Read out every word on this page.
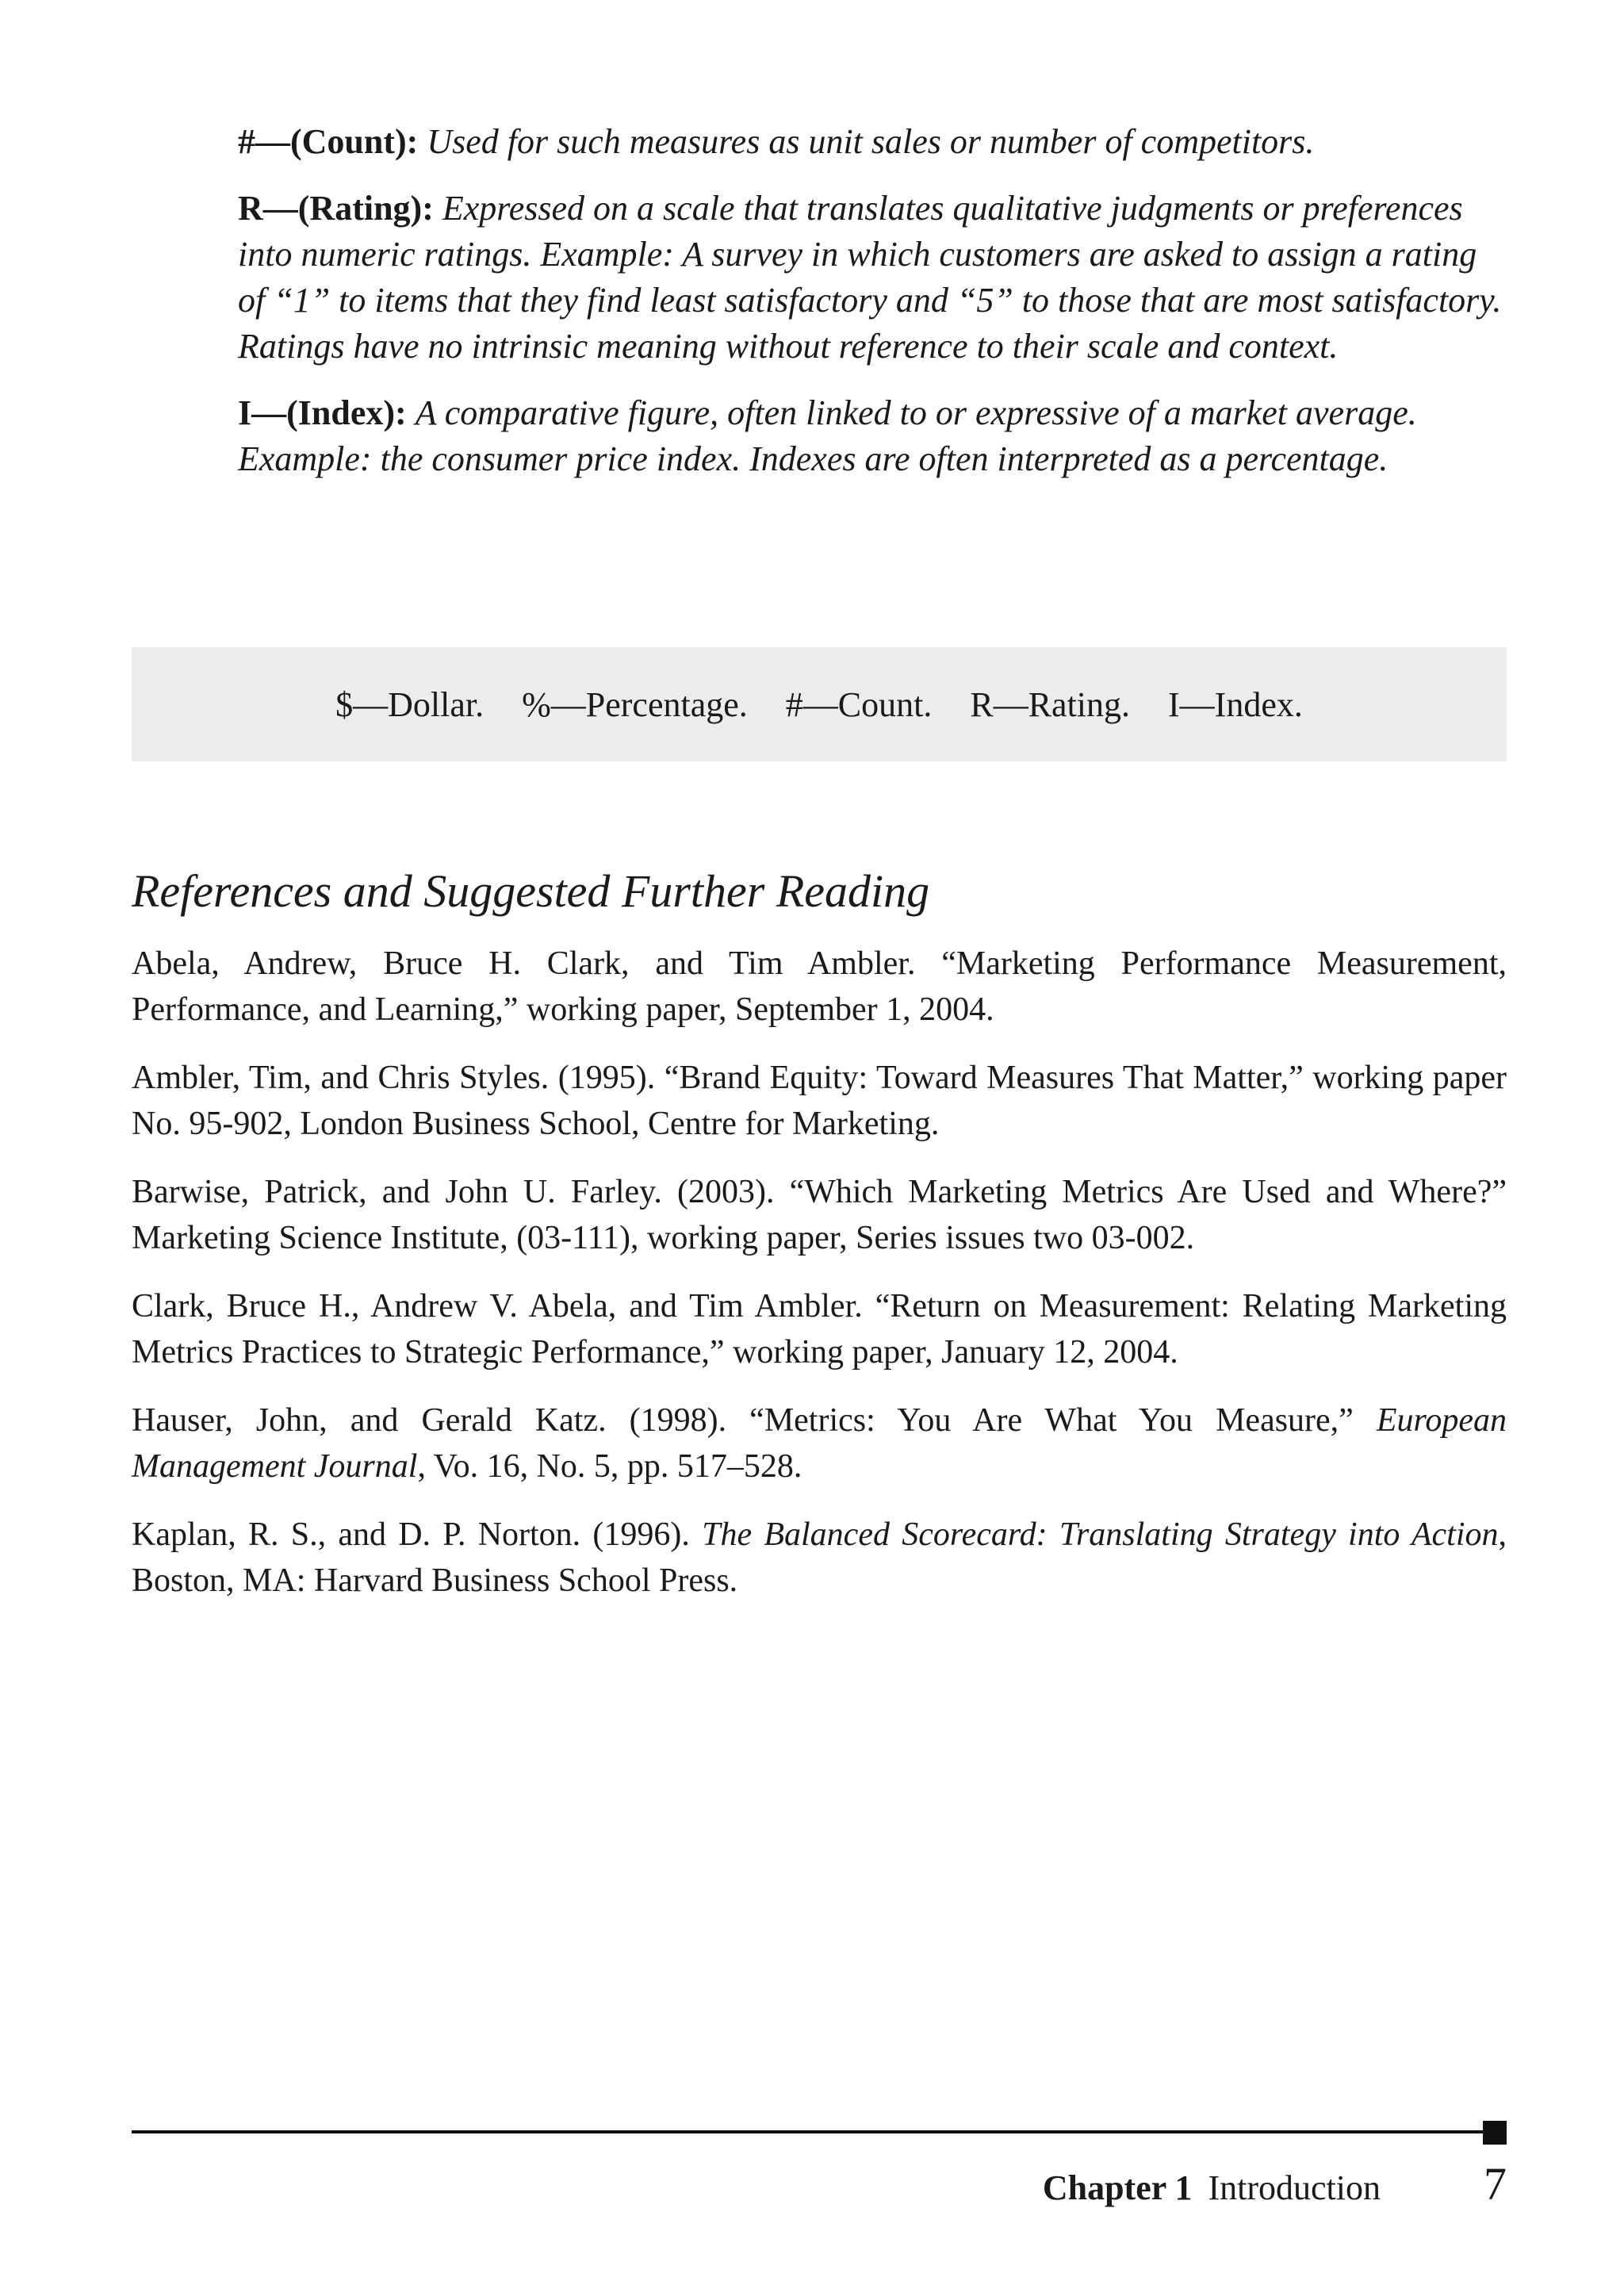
#—(Count): Used for such measures as unit sales or number of competitors.

R—(Rating): Expressed on a scale that translates qualitative judgments or preferences into numeric ratings. Example: A survey in which customers are asked to assign a rating of “1” to items that they find least satisfactory and “5” to those that are most satisfactory. Ratings have no intrinsic meaning without reference to their scale and context.

I—(Index): A comparative figure, often linked to or expressive of a market average. Example: the consumer price index. Indexes are often interpreted as a percentage.

$—Dollar. %—Percentage. #—Count. R—Rating. I—Index.
References and Suggested Further Reading

Abela, Andrew, Bruce H. Clark, and Tim Ambler. “Marketing Performance Measurement, Performance, and Learning,” working paper, September 1, 2004.

Ambler, Tim, and Chris Styles. (1995). “Brand Equity: Toward Measures That Matter,” working paper No. 95-902, London Business School, Centre for Marketing.

Barwise, Patrick, and John U. Farley. (2003). “Which Marketing Metrics Are Used and Where?” Marketing Science Institute, (03-111), working paper, Series issues two 03-002.

Clark, Bruce H., Andrew V. Abela, and Tim Ambler. “Return on Measurement: Relating Marketing Metrics Practices to Strategic Performance,” working paper, January 12, 2004.

Hauser, John, and Gerald Katz. (1998). “Metrics: You Are What You Measure,” European Management Journal, Vo. 16, No. 5, pp. 517–528.

Kaplan, R. S., and D. P. Norton. (1996). The Balanced Scorecard: Translating Strategy into Action, Boston, MA: Harvard Business School Press.

Chapter 1 Introduction 7
